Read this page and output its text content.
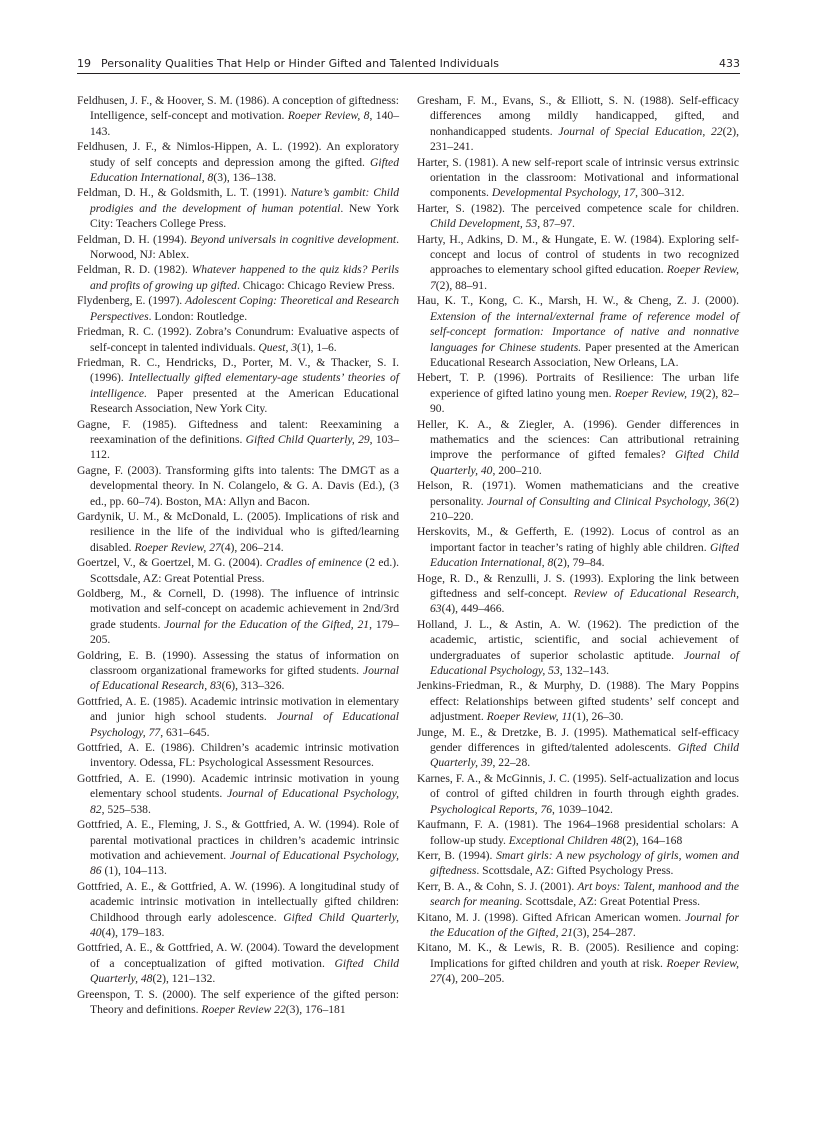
19 Personality Qualities That Help or Hinder Gifted and Talented Individuals	433

Feldhusen, J. F., & Hoover, S. M. (1986). A conception of giftedness: Intelligence, self-concept and motivation. Roeper Review, 8, 140–143.

Feldhusen, J. F., & Nimlos-Hippen, A. L. (1992). An exploratory study of self concepts and depression among the gifted. Gifted Education International, 8(3), 136–138.

Feldman, D. H., & Goldsmith, L. T. (1991). Nature’s gambit: Child prodigies and the development of human potential. New York City: Teachers College Press.

Feldman, D. H. (1994). Beyond universals in cognitive development. Norwood, NJ: Ablex.

Feldman, R. D. (1982). Whatever happened to the quiz kids? Perils and profits of growing up gifted. Chicago: Chicago Review Press.

Flydenberg, E. (1997). Adolescent Coping: Theoretical and Research Perspectives. London: Routledge.

Friedman, R. C. (1992). Zobra’s Conundrum: Evaluative aspects of self-concept in talented individuals. Quest, 3(1), 1–6.

Friedman, R. C., Hendricks, D., Porter, M. V., & Thacker, S. I. (1996). Intellectually gifted elementary-age students’ theories of intelligence. Paper presented at the American Educational Research Association, New York City.

Gagne, F. (1985). Giftedness and talent: Reexamining a reexamination of the definitions. Gifted Child Quarterly, 29, 103–112.

Gagne, F. (2003). Transforming gifts into talents: The DMGT as a developmental theory. In N. Colangelo, & G. A. Davis (Ed.), (3 ed., pp. 60–74). Boston, MA: Allyn and Bacon.

Gardynik, U. M., & McDonald, L. (2005). Implications of risk and resilience in the life of the individual who is gifted/learning disabled. Roeper Review, 27(4), 206–214.

Goertzel, V., & Goertzel, M. G. (2004). Cradles of eminence (2 ed.). Scottsdale, AZ: Great Potential Press.

Goldberg, M., & Cornell, D. (1998). The influence of intrinsic motivation and self-concept on academic achievement in 2nd/3rd grade students. Journal for the Education of the Gifted, 21, 179–205.

Goldring, E. B. (1990). Assessing the status of information on classroom organizational frameworks for gifted students. Journal of Educational Research, 83(6), 313–326.

Gottfried, A. E. (1985). Academic intrinsic motivation in elementary and junior high school students. Journal of Educational Psychology, 77, 631–645.

Gottfried, A. E. (1986). Children’s academic intrinsic motivation inventory. Odessa, FL: Psychological Assessment Resources.

Gottfried, A. E. (1990). Academic intrinsic motivation in young elementary school students. Journal of Educational Psychology, 82, 525–538.

Gottfried, A. E., Fleming, J. S., & Gottfried, A. W. (1994). Role of parental motivational practices in children’s academic intrinsic motivation and achievement. Journal of Educational Psychology, 86 (1), 104–113.

Gottfried, A. E., & Gottfried, A. W. (1996). A longitudinal study of academic intrinsic motivation in intellectually gifted children: Childhood through early adolescence. Gifted Child Quarterly, 40(4), 179–183.

Gottfried, A. E., & Gottfried, A. W. (2004). Toward the development of a conceptualization of gifted motivation. Gifted Child Quarterly, 48(2), 121–132.

Greenspon, T. S. (2000). The self experience of the gifted person: Theory and definitions. Roeper Review 22(3), 176–181

Gresham, F. M., Evans, S., & Elliott, S. N. (1988). Self-efficacy differences among mildly handicapped, gifted, and nonhandicapped students. Journal of Special Education, 22(2), 231–241.

Harter, S. (1981). A new self-report scale of intrinsic versus extrinsic orientation in the classroom: Motivational and informational components. Developmental Psychology, 17, 300–312.

Harter, S. (1982). The perceived competence scale for children. Child Development, 53, 87–97.

Harty, H., Adkins, D. M., & Hungate, E. W. (1984). Exploring self-concept and locus of control of students in two recognized approaches to elementary school gifted education. Roeper Review, 7(2), 88–91.

Hau, K. T., Kong, C. K., Marsh, H. W., & Cheng, Z. J. (2000). Extension of the internal/external frame of reference model of self-concept formation: Importance of native and nonnative languages for Chinese students. Paper presented at the American Educational Research Association, New Orleans, LA.

Hebert, T. P. (1996). Portraits of Resilience: The urban life experience of gifted latino young men. Roeper Review, 19(2), 82–90.

Heller, K. A., & Ziegler, A. (1996). Gender differences in mathematics and the sciences: Can attributional retraining improve the performance of gifted females? Gifted Child Quarterly, 40, 200–210.

Helson, R. (1971). Women mathematicians and the creative personality. Journal of Consulting and Clinical Psychology, 36(2) 210–220.

Herskovits, M., & Gefferth, E. (1992). Locus of control as an important factor in teacher’s rating of highly able children. Gifted Education International, 8(2), 79–84.

Hoge, R. D., & Renzulli, J. S. (1993). Exploring the link between giftedness and self-concept. Review of Educational Research, 63(4), 449–466.

Holland, J. L., & Astin, A. W. (1962). The prediction of the academic, artistic, scientific, and social achievement of undergraduates of superior scholastic aptitude. Journal of Educational Psychology, 53, 132–143.

Jenkins-Friedman, R., & Murphy, D. (1988). The Mary Poppins effect: Relationships between gifted students’ self concept and adjustment. Roeper Review, 11(1), 26–30.

Junge, M. E., & Dretzke, B. J. (1995). Mathematical self-efficacy gender differences in gifted/talented adolescents. Gifted Child Quarterly, 39, 22–28.

Karnes, F. A., & McGinnis, J. C. (1995). Self-actualization and locus of control of gifted children in fourth through eighth grades. Psychological Reports, 76, 1039–1042.

Kaufmann, F. A. (1981). The 1964–1968 presidential scholars: A follow-up study. Exceptional Children 48(2), 164–168

Kerr, B. (1994). Smart girls: A new psychology of girls, women and giftedness. Scottsdale, AZ: Gifted Psychology Press.

Kerr, B. A., & Cohn, S. J. (2001). Art boys: Talent, manhood and the search for meaning. Scottsdale, AZ: Great Potential Press.

Kitano, M. J. (1998). Gifted African American women. Journal for the Education of the Gifted, 21(3), 254–287.

Kitano, M. K., & Lewis, R. B. (2005). Resilience and coping: Implications for gifted children and youth at risk. Roeper Review, 27(4), 200–205.
